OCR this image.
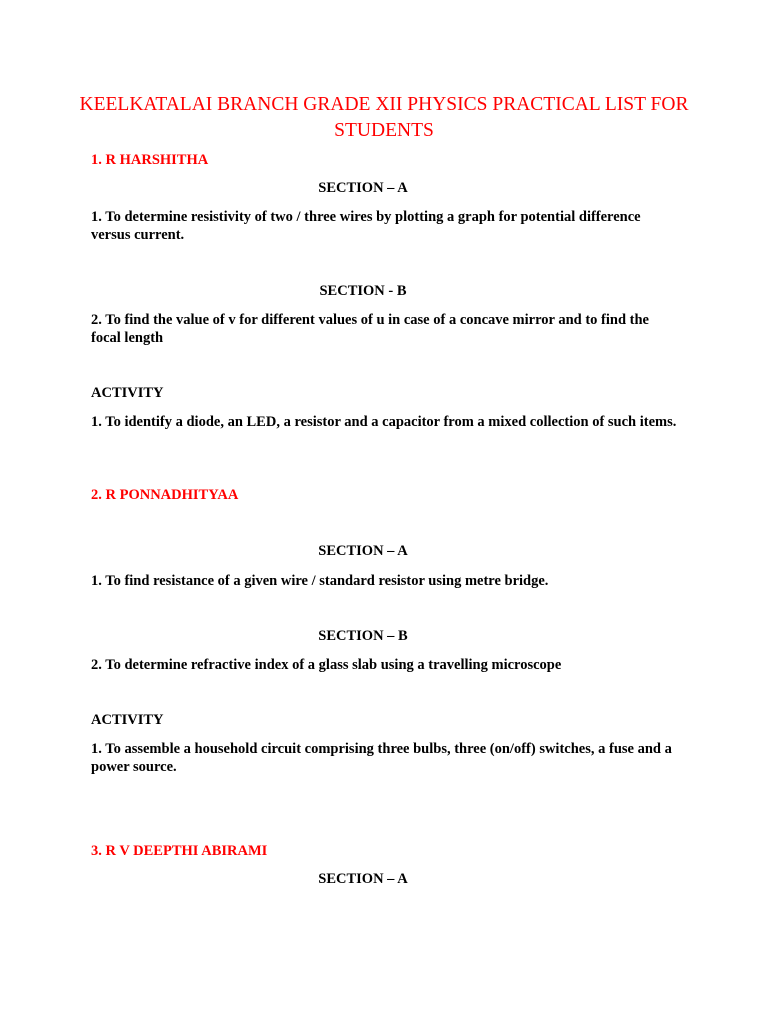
KEELKATALAI BRANCH GRADE XII PHYSICS PRACTICAL LIST FOR STUDENTS
1. R HARSHITHA
SECTION – A
1. To determine resistivity of two / three wires by plotting a graph for potential difference versus current.
SECTION - B
2. To find the value of v for different values of u in case of a concave mirror and to find the focal length
ACTIVITY
1. To identify a diode, an LED, a resistor and a capacitor from a mixed collection of such items.
2. R PONNADHITYAA
SECTION – A
1. To find resistance of a given wire / standard resistor using metre bridge.
SECTION – B
2. To determine refractive index of a glass slab using a travelling microscope
ACTIVITY
1. To assemble a household circuit comprising three bulbs, three (on/off) switches, a fuse and a power source.
3. R V DEEPTHI ABIRAMI
SECTION – A
